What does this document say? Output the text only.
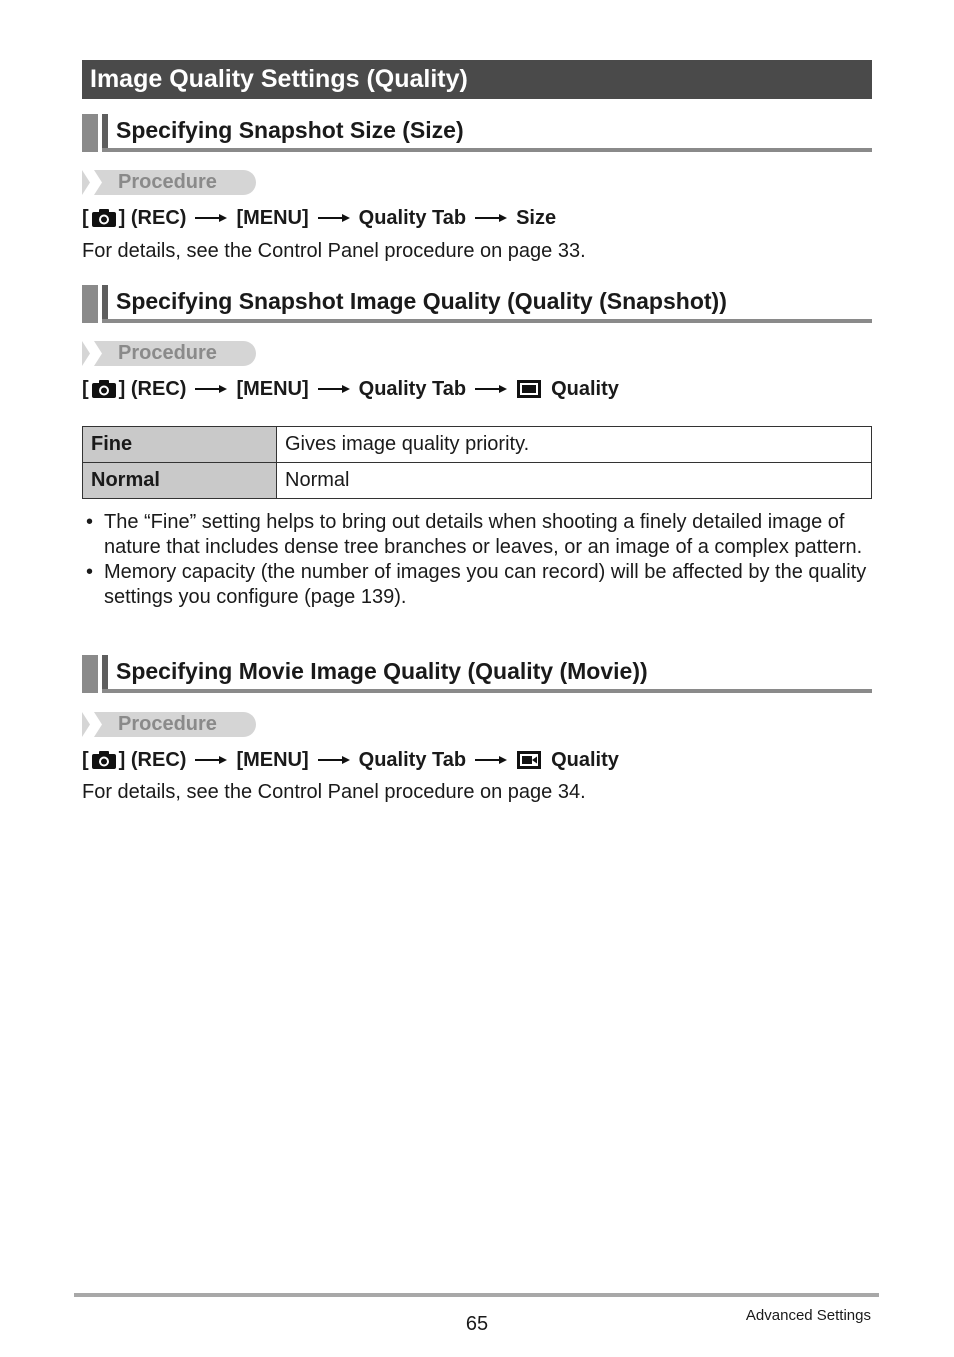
Image Quality Settings (Quality)
Specifying Snapshot Size (Size)
Procedure
[ ] (REC)	[MENU]	Quality Tab	Size
For details, see the Control Panel procedure on page 33.
Specifying Snapshot Image Quality (Quality (Snapshot))
Procedure
[ ] (REC)	[MENU]	Quality Tab	Quality
Fine	Gives image quality priority.
Normal	Normal
• The “Fine” setting helps to bring out details when shooting a finely detailed image of nature that includes dense tree branches or leaves, or an image of a complex pattern.
• Memory capacity (the number of images you can record) will be affected by the quality settings you configure (page 139).
Specifying Movie Image Quality (Quality (Movie))
Procedure
[ ] (REC)	[MENU]	Quality Tab	Quality
For details, see the Control Panel procedure on page 34.
65	Advanced Settings
